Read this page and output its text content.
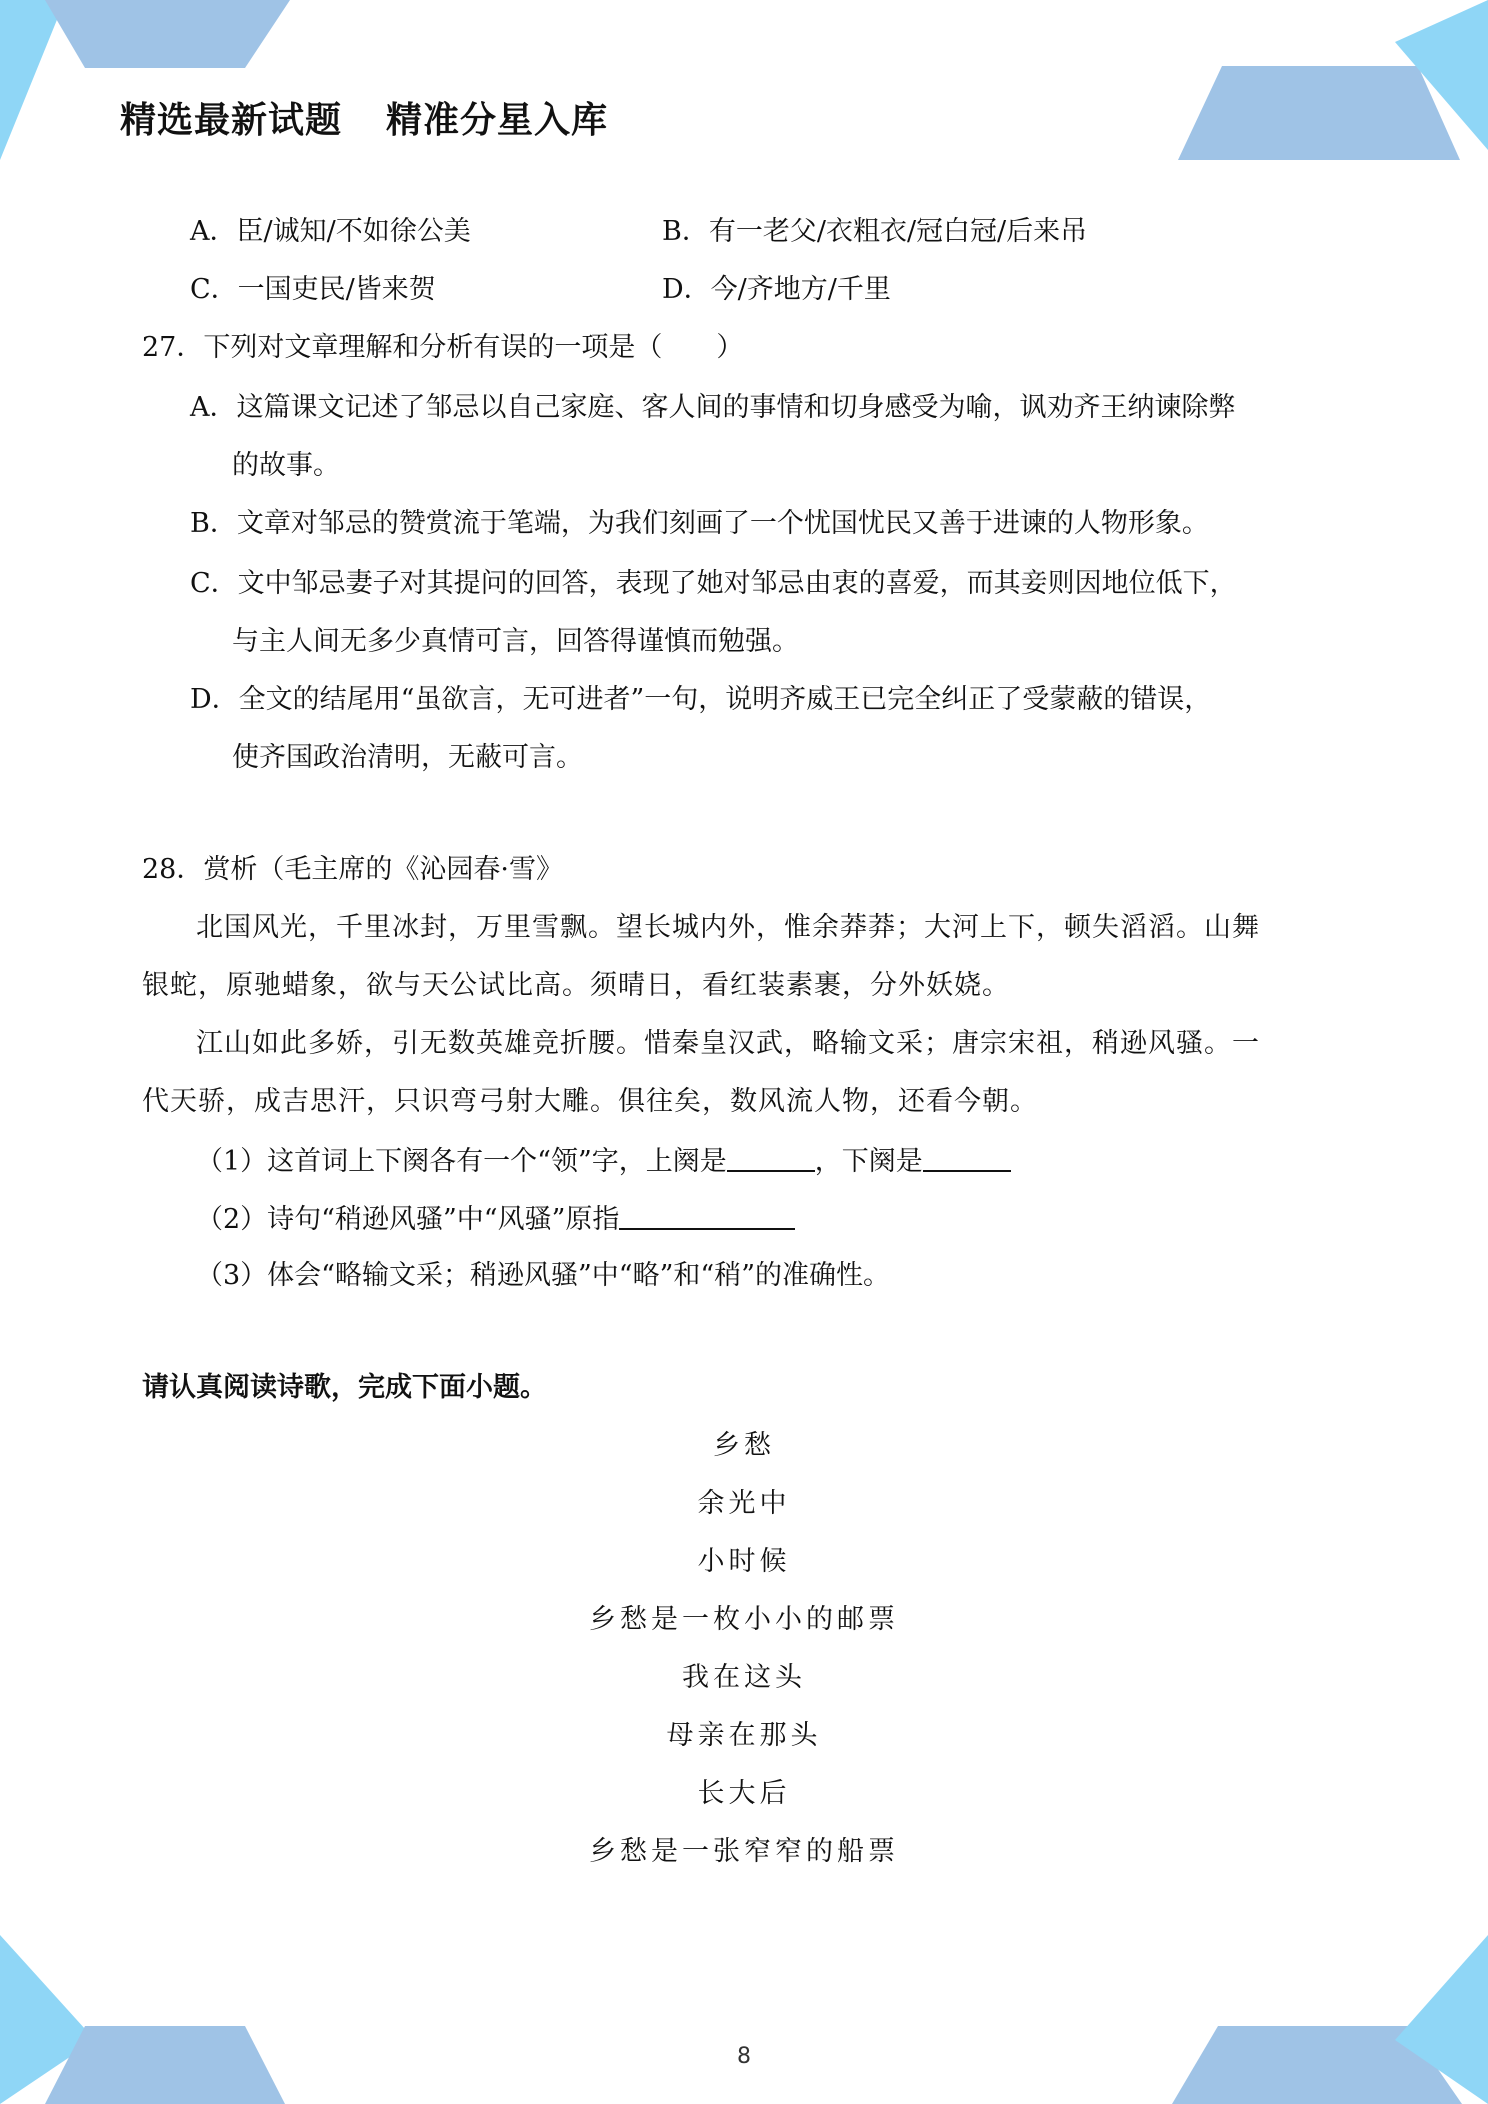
精选最新试题 精准分星入库
A．臣/诚知/不如徐公美	B．有一老父/衣粗衣/冠白冠/后来吊
C．一国吏民/皆来贺	D．今/齐地方/千里
27．下列对文章理解和分析有误的一项是（　　）
A．这篇课文记述了邹忌以自己家庭、客人间的事情和切身感受为喻，讽劝齐王纳谏除弊
的故事。
B．文章对邹忌的赞赏流于笔端，为我们刻画了一个忧国忧民又善于进谏的人物形象。
C．文中邹忌妻子对其提问的回答，表现了她对邹忌由衷的喜爱，而其妾则因地位低下，
与主人间无多少真情可言，回答得谨慎而勉强。
D．全文的结尾用“虽欲言，无可进者”一句，说明齐威王已完全纠正了受蒙蔽的错误，
使齐国政治清明，无蔽可言。
28．赏析（毛主席的《沁园春·雪》
北国风光，千里冰封，万里雪飘。望长城内外，惟余莽莽；大河上下，顿失滔滔。山舞
银蛇，原驰蜡象，欲与天公试比高。须晴日，看红装素裹，分外妖娆。
江山如此多娇，引无数英雄竞折腰。惜秦皇汉武，略输文采；唐宗宋祖，稍逊风骚。一
代天骄，成吉思汗，只识弯弓射大雕。俱往矣，数风流人物，还看今朝。
（1）这首词上下阕各有一个“领”字，上阕是	，下阕是
（2）诗句“稍逊风骚”中“风骚”原指
（3）体会“略输文采；稍逊风骚”中“略”和“稍”的准确性。
请认真阅读诗歌，完成下面小题。
乡愁
余光中
小时候
乡愁是一枚小小的邮票
我在这头
母亲在那头
长大后
乡愁是一张窄窄的船票
8
